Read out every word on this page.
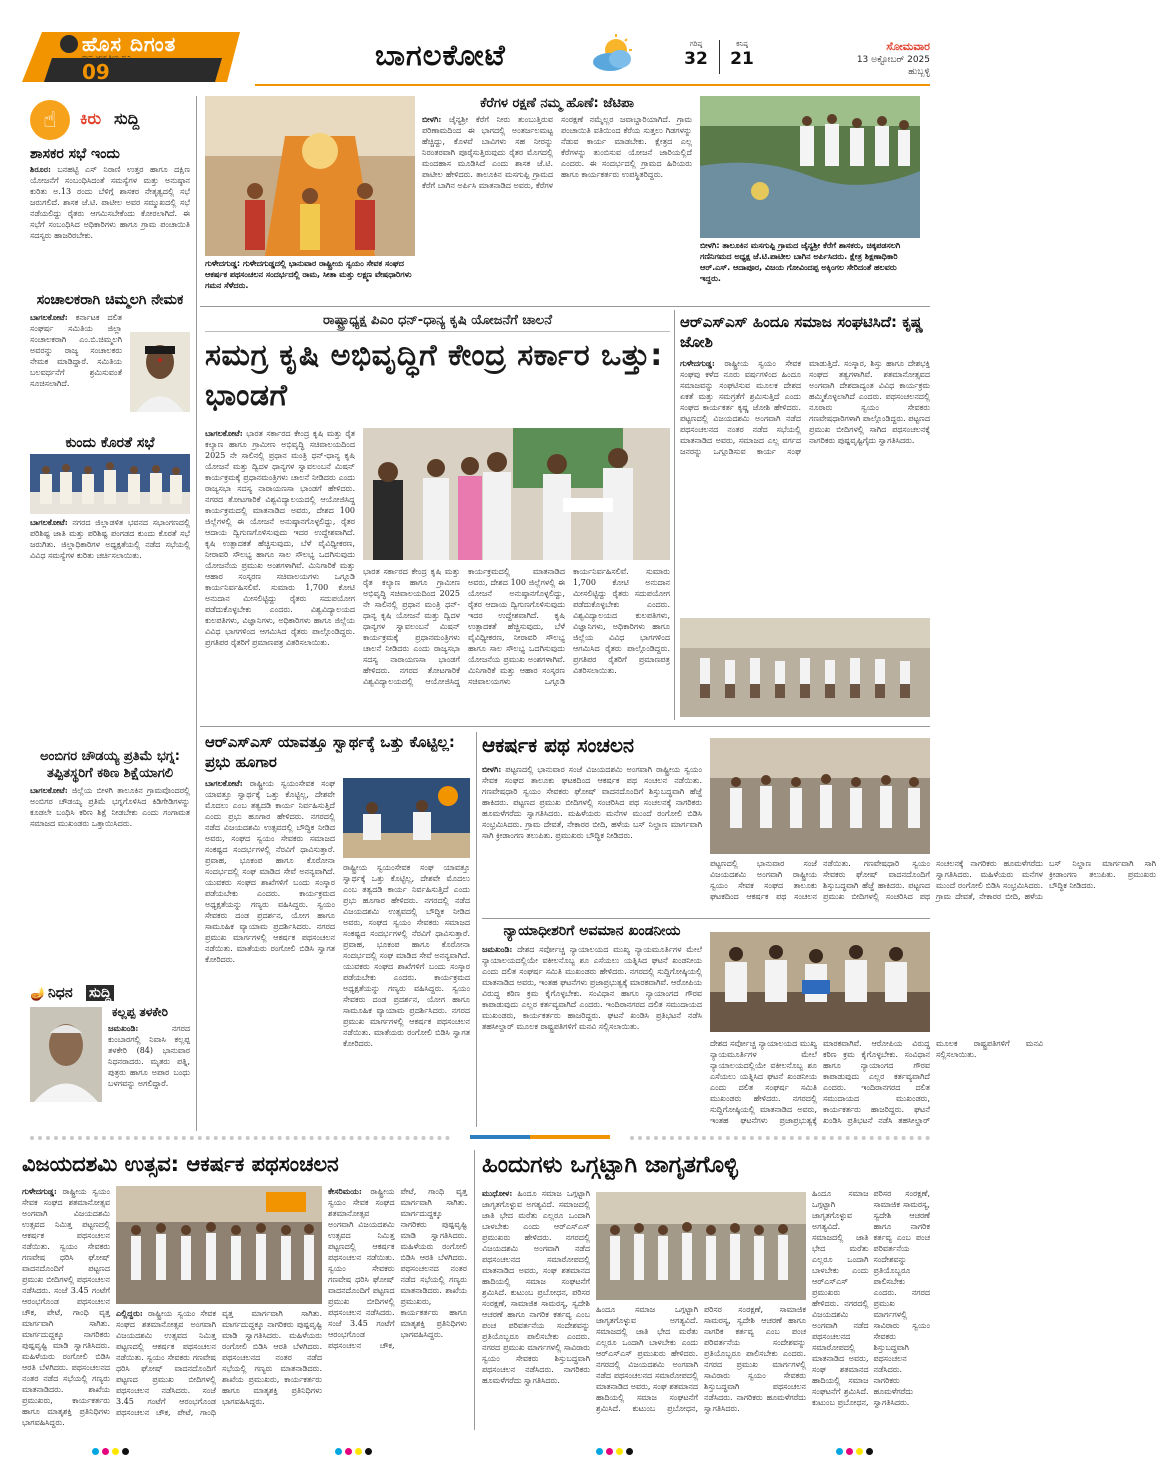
ಹೊಸ ದಿಗಂತ
ರಾಷ್ಟ್ರ ಜಾಗೃತಿಯ ಧ್ವನಿ
09	ಬಾಗಲಕೋಟೆ	ಗರಿಷ್ಠ
32
ಕನಿಷ್ಠ
21
ಸೋಮವಾರ
13 ಅಕ್ಟೋಬರ್ 2025
ಹುಬ್ಬಳ್ಳಿ
☝	ಕಿರು ಸುದ್ದಿ
ಶಾಸಕರ ಸಭೆ ಇಂದು
ಶಿರೂರ: ಬನಹಟ್ಟಿ ಎಸ್ ನಿರಾಣಿ ಉತ್ತರ ಹಾಗೂ ದಕ್ಷಿಣ ಯೋಜನೆಗೆ ಸಂಬಂಧಿಸಿದಂತೆ ಸಮಸ್ಯೆಗಳ ಮತ್ತು ಅನುಷ್ಠಾನ ಕುರಿತು ಅ.13 ರಂದು ಬೆಳಿಗ್ಗೆ ಶಾಸಕರ ನೇತೃತ್ವದಲ್ಲಿ ಸಭೆ ಜರುಗಲಿದೆ. ಶಾಸಕ ಜೆ.ಟಿ. ಪಾಟೀಲ ಅವರ ಸಮ್ಮುಖದಲ್ಲಿ ಸಭೆ ನಡೆಯಲಿದ್ದು ರೈತರು ಆಗಮಿಸಬೇಕೆಂದು ಕೋರಲಾಗಿದೆ. ಈ ಸಭೆಗೆ ಸಂಬಂಧಿಸಿದ ಅಧಿಕಾರಿಗಳು ಹಾಗೂ ಗ್ರಾಮ ಪಂಚಾಯಿತಿ ಸದಸ್ಯರು ಹಾಜರಿರಬೇಕು.
ಸಂಚಾಲಕರಾಗಿ ಚಿಮ್ಮಲಗಿ ನೇಮಕ
ಬಾಗಲಕೋಟೆ: ಕರ್ನಾಟಕ ದಲಿತ ಸಂಘರ್ಷ ಸಮಿತಿಯ ಜಿಲ್ಲಾ ಸಂಚಾಲಕರಾಗಿ ಎಂ.ಬಿ.ಚಿಮ್ಮಲಗಿ ಅವರನ್ನು ರಾಜ್ಯ ಸಂಚಾಲಕರು ನೇಮಕ ಮಾಡಿದ್ದಾರೆ. ಸಮಿತಿಯ ಬಲವರ್ಧನೆಗೆ ಶ್ರಮಿಸುವಂತೆ ಸೂಚಿಸಲಾಗಿದೆ.
ಕುಂದು ಕೊರತೆ ಸಭೆ
ಬಾಗಲಕೋಟೆ: ನಗರದ ಜಿಲ್ಲಾಡಳಿತ ಭವನದ ಸಭಾಂಗಣದಲ್ಲಿ ಪರಿಶಿಷ್ಟ ಜಾತಿ ಮತ್ತು ಪರಿಶಿಷ್ಟ ಪಂಗಡದ ಕುಂದು ಕೊರತೆ ಸಭೆ ಜರುಗಿತು. ಜಿಲ್ಲಾಧಿಕಾರಿಗಳ ಅಧ್ಯಕ್ಷತೆಯಲ್ಲಿ ನಡೆದ ಸಭೆಯಲ್ಲಿ ವಿವಿಧ ಸಮಸ್ಯೆಗಳ ಕುರಿತು ಚರ್ಚಿಸಲಾಯಿತು.
ಅಂಬಿಗರ ಚೌಡಯ್ಯ ಪ್ರತಿಮೆ ಭಗ್ನ: ತಪ್ಪಿತಸ್ಥರಿಗೆ ಕಠಿಣ ಶಿಕ್ಷೆಯಾಗಲಿ
ಬಾಗಲಕೋಟೆ: ಜಿಲ್ಲೆಯ ಬೀಳಗಿ ತಾಲೂಕಿನ ಗ್ರಾಮವೊಂದರಲ್ಲಿ ಅಂಬಿಗರ ಚೌಡಯ್ಯ ಪ್ರತಿಮೆ ಭಗ್ನಗೊಳಿಸಿದ ಕಿಡಿಗೇಡಿಗಳನ್ನು ಕೂಡಲೇ ಬಂಧಿಸಿ ಕಠಿಣ ಶಿಕ್ಷೆ ನೀಡಬೇಕು ಎಂದು ಗಂಗಾಮತ ಸಮಾಜದ ಮುಖಂಡರು ಒತ್ತಾಯಿಸಿದರು.
🪔 ನಿಧನ ಸುದ್ದಿ
ಕಲ್ಲಪ್ಪ ತಳಕೇರಿ
ಜಮಖಂಡಿ:	ನಗರದ ಕುಂಬಾರಗಲ್ಲಿ ನಿವಾಸಿ ಕಲ್ಲಪ್ಪ ತಳಕೇರಿ (84) ಭಾನುವಾರ ನಿಧನರಾದರು. ಮೃತರು ಪತ್ನಿ, ಪುತ್ರರು ಹಾಗೂ ಅಪಾರ ಬಂಧು ಬಳಗವನ್ನು ಅಗಲಿದ್ದಾರೆ.
ಗುಳೇದಗುಡ್ಡ: ಗುಳೇದಗುಡ್ಡದಲ್ಲಿ ಭಾನುವಾರ ರಾಷ್ಟ್ರೀಯ ಸ್ವಯಂ ಸೇವಕ ಸಂಘದ ಆಕರ್ಷಕ ಪಥಸಂಚಲನ ಸಂದರ್ಭದಲ್ಲಿ ರಾಮ, ಸೀತಾ ಮತ್ತು ಲಕ್ಷ್ಮಣ ವೇಷಧಾರಿಗಳು ಗಮನ ಸೆಳೆದರು.
ಕೆರೆಗಳ ರಕ್ಷಣೆ ನಮ್ಮ ಹೊಣೆ: ಜೆಟಿಪಾ
ಬೀಳಗಿ: ಜೈನ್ಯಶ್ರೀ ಕೆರೆಗೆ ನೀರು ತುಂಬುತ್ತಿರುವ ಪರಿಣಾಮದಿಂದ ಈ ಭಾಗದಲ್ಲಿ ಅಂತರ್ಜಲಮಟ್ಟ ಹೆಚ್ಚಿದ್ದು, ಕೊಳವೆ ಬಾವಿಗಳು ಸಹ ನೀರನ್ನು ನಿರಂತರವಾಗಿ ಪೂರೈಸುತ್ತಿರುವುದು ರೈತರ ಮೊಗದಲ್ಲಿ ಮಂದಹಾಸ ಮೂಡಿಸಿದೆ ಎಂದು ಶಾಸಕ ಜೆ.ಟಿ. ಪಾಟೀಲ ಹೇಳಿದರು. ತಾಲೂಕಿನ ಮಸಗುಪ್ಪಿ ಗ್ರಾಮದ ಕೆರೆಗೆ ಬಾಗಿನ ಅರ್ಪಿಸಿ ಮಾತನಾಡಿದ ಅವರು, ಕೆರೆಗಳ ಸಂರಕ್ಷಣೆ ನಮ್ಮೆಲ್ಲರ ಜವಾಬ್ದಾರಿಯಾಗಿದೆ. ಗ್ರಾಮ ಪಂಚಾಯಿತಿ ವತಿಯಿಂದ ಕೆರೆಯ ಸುತ್ತಲು ಗಿಡಗಳನ್ನು ನೆಡುವ ಕಾರ್ಯ ಮಾಡಬೇಕು. ಕ್ಷೇತ್ರದ ಎಲ್ಲ ಕೆರೆಗಳನ್ನು ತುಂಬಿಸುವ ಯೋಜನೆ ಜಾರಿಯಲ್ಲಿದೆ ಎಂದರು. ಈ ಸಂದರ್ಭದಲ್ಲಿ ಗ್ರಾಮದ ಹಿರಿಯರು ಹಾಗೂ ಕಾರ್ಯಕರ್ತರು ಉಪಸ್ಥಿತರಿದ್ದರು.
ಬೀಳಗಿ: ತಾಲೂಕಿನ ಮಸಗುಪ್ಪಿ ಗ್ರಾಮದ ಜೈನ್ಯಶ್ರೀ ಕೆರೆಗೆ ಶಾಸಕರು, ಚಿಕ್ಕಪಡಸಲಗಿ ಗಣಿನಿಗಮದ ಅಧ್ಯಕ್ಷ ಜೆ.ಟಿ.ಪಾಟೀಲ ಬಾಗಿನ ಅರ್ಪಿಸಿದರು. ಕ್ಷೇತ್ರ ಶಿಕ್ಷಣಾಧಿಕಾರಿ ಆರ್.ಎಸ್. ಆದಾಪೂರ, ವಿಜಯ ಗೋವಿಂದಪ್ಪ ಅಕ್ಕಿಂಗಲ ಸೇರಿದಂತೆ ಹಲವರು ಇದ್ದರು.
ರಾಷ್ಟ್ರಾಧ್ಯಕ್ಷ ಪಿಎಂ ಧನ್-ಧಾನ್ಯ ಕೃಷಿ ಯೋಜನೆಗೆ ಚಾಲನೆ
ಸಮಗ್ರ ಕೃಷಿ ಅಭಿವೃದ್ಧಿಗೆ ಕೇಂದ್ರ ಸರ್ಕಾರ ಒತ್ತು: ಭಾಂಡಗೆ
ಬಾಗಲಕೋಟೆ: ಭಾರತ ಸರ್ಕಾರದ ಕೇಂದ್ರ ಕೃಷಿ ಮತ್ತು ರೈತ ಕಲ್ಯಾಣ ಹಾಗೂ ಗ್ರಾಮೀಣ ಅಭಿವೃದ್ಧಿ ಸಚಿವಾಲಯದಿಂದ 2025 ನೇ ಸಾಲಿನಲ್ಲಿ ಪ್ರಧಾನ ಮಂತ್ರಿ ಧನ್-ಧಾನ್ಯ ಕೃಷಿ ಯೋಜನೆ ಮತ್ತು ದ್ವಿದಳ ಧಾನ್ಯಗಳ ಸ್ವಾವಲಂಬನೆ ಮಿಷನ್ ಕಾರ್ಯಕ್ರಮಕ್ಕೆ ಪ್ರಧಾನಮಂತ್ರಿಗಳು ಚಾಲನೆ ನೀಡಿದರು ಎಂದು ರಾಜ್ಯಸಭಾ ಸದಸ್ಯ ನಾರಾಯಣಸಾ ಭಾಂಡಗೆ ಹೇಳಿದರು. ನಗರದ ತೋಟಗಾರಿಕೆ ವಿಶ್ವವಿದ್ಯಾಲಯದಲ್ಲಿ ಆಯೋಜಿಸಿದ್ದ ಕಾರ್ಯಕ್ರಮದಲ್ಲಿ ಮಾತನಾಡಿದ ಅವರು, ದೇಶದ 100 ಜಿಲ್ಲೆಗಳಲ್ಲಿ ಈ ಯೋಜನೆ ಅನುಷ್ಠಾನಗೊಳ್ಳಲಿದ್ದು, ರೈತರ ಆದಾಯ ದ್ವಿಗುಣಗೊಳಿಸುವುದು ಇದರ ಉದ್ದೇಶವಾಗಿದೆ. ಕೃಷಿ ಉತ್ಪಾದಕತೆ ಹೆಚ್ಚಿಸುವುದು, ಬೆಳೆ ವೈವಿಧ್ಯೀಕರಣ, ನೀರಾವರಿ ಸೌಲಭ್ಯ ಹಾಗೂ ಸಾಲ ಸೌಲಭ್ಯ ಒದಗಿಸುವುದು ಯೋಜನೆಯ ಪ್ರಮುಖ ಅಂಶಗಳಾಗಿವೆ. ಮಿನಿಗಾರಿಕೆ ಮತ್ತು ಆಹಾರ ಸಂಸ್ಕರಣ ಸಚಿವಾಲಯಗಳು ಒಗ್ಗೂಡಿ ಕಾರ್ಯನಿರ್ವಹಿಸಲಿವೆ. ಸುಮಾರು 1,700 ಕೋಟಿ ಅನುದಾನ ಮೀಸಲಿಟ್ಟಿದ್ದು ರೈತರು ಸದುಪಯೋಗ ಪಡೆದುಕೊಳ್ಳಬೇಕು ಎಂದರು. ವಿಶ್ವವಿದ್ಯಾಲಯದ ಕುಲಪತಿಗಳು, ವಿಜ್ಞಾನಿಗಳು, ಅಧಿಕಾರಿಗಳು ಹಾಗೂ ಜಿಲ್ಲೆಯ ವಿವಿಧ ಭಾಗಗಳಿಂದ ಆಗಮಿಸಿದ ರೈತರು ಪಾಲ್ಗೊಂಡಿದ್ದರು. ಪ್ರಗತಿಪರ ರೈತರಿಗೆ ಪ್ರಮಾಣಪತ್ರ ವಿತರಿಸಲಾಯಿತು.
ಭಾರತ ಸರ್ಕಾರದ ಕೇಂದ್ರ ಕೃಷಿ ಮತ್ತು ರೈತ ಕಲ್ಯಾಣ ಹಾಗೂ ಗ್ರಾಮೀಣ ಅಭಿವೃದ್ಧಿ ಸಚಿವಾಲಯದಿಂದ 2025 ನೇ ಸಾಲಿನಲ್ಲಿ ಪ್ರಧಾನ ಮಂತ್ರಿ ಧನ್-ಧಾನ್ಯ ಕೃಷಿ ಯೋಜನೆ ಮತ್ತು ದ್ವಿದಳ ಧಾನ್ಯಗಳ ಸ್ವಾವಲಂಬನೆ ಮಿಷನ್ ಕಾರ್ಯಕ್ರಮಕ್ಕೆ ಪ್ರಧಾನಮಂತ್ರಿಗಳು ಚಾಲನೆ ನೀಡಿದರು ಎಂದು ರಾಜ್ಯಸಭಾ ಸದಸ್ಯ ನಾರಾಯಣಸಾ ಭಾಂಡಗೆ ಹೇಳಿದರು. ನಗರದ ತೋಟಗಾರಿಕೆ ವಿಶ್ವವಿದ್ಯಾಲಯದಲ್ಲಿ ಆಯೋಜಿಸಿದ್ದ ಕಾರ್ಯಕ್ರಮದಲ್ಲಿ ಮಾತನಾಡಿದ ಅವರು, ದೇಶದ 100 ಜಿಲ್ಲೆಗಳಲ್ಲಿ ಈ ಯೋಜನೆ ಅನುಷ್ಠಾನಗೊಳ್ಳಲಿದ್ದು, ರೈತರ ಆದಾಯ ದ್ವಿಗುಣಗೊಳಿಸುವುದು ಇದರ ಉದ್ದೇಶವಾಗಿದೆ. ಕೃಷಿ ಉತ್ಪಾದಕತೆ ಹೆಚ್ಚಿಸುವುದು, ಬೆಳೆ ವೈವಿಧ್ಯೀಕರಣ, ನೀರಾವರಿ ಸೌಲಭ್ಯ ಹಾಗೂ ಸಾಲ ಸೌಲಭ್ಯ ಒದಗಿಸುವುದು ಯೋಜನೆಯ ಪ್ರಮುಖ ಅಂಶಗಳಾಗಿವೆ. ಮಿನಿಗಾರಿಕೆ ಮತ್ತು ಆಹಾರ ಸಂಸ್ಕರಣ ಸಚಿವಾಲಯಗಳು ಒಗ್ಗೂಡಿ ಕಾರ್ಯನಿರ್ವಹಿಸಲಿವೆ. ಸುಮಾರು 1,700 ಕೋಟಿ ಅನುದಾನ ಮೀಸಲಿಟ್ಟಿದ್ದು ರೈತರು ಸದುಪಯೋಗ ಪಡೆದುಕೊಳ್ಳಬೇಕು ಎಂದರು. ವಿಶ್ವವಿದ್ಯಾಲಯದ ಕುಲಪತಿಗಳು, ವಿಜ್ಞಾನಿಗಳು, ಅಧಿಕಾರಿಗಳು ಹಾಗೂ ಜಿಲ್ಲೆಯ ವಿವಿಧ ಭಾಗಗಳಿಂದ ಆಗಮಿಸಿದ ರೈತರು ಪಾಲ್ಗೊಂಡಿದ್ದರು. ಪ್ರಗತಿಪರ ರೈತರಿಗೆ ಪ್ರಮಾಣಪತ್ರ ವಿತರಿಸಲಾಯಿತು.
ಆರ್‌ಎಸ್‌ಎಸ್ ಹಿಂದೂ ಸಮಾಜ ಸಂಘಟಿಸಿದೆ: ಕೃಷ್ಣ ಜೋಶಿ
ಗುಳೇದಗುಡ್ಡ: ರಾಷ್ಟ್ರೀಯ ಸ್ವಯಂ ಸೇವಕ ಸಂಘವು ಕಳೆದ ನೂರು ವರ್ಷಗಳಿಂದ ಹಿಂದೂ ಸಮಾಜವನ್ನು ಸಂಘಟಿಸುವ ಮೂಲಕ ದೇಶದ ಏಕತೆ ಮತ್ತು ಸಮಗ್ರತೆಗೆ ಶ್ರಮಿಸುತ್ತಿದೆ ಎಂದು ಸಂಘದ ಕಾರ್ಯಕರ್ತ ಕೃಷ್ಣ ಜೋಶಿ ಹೇಳಿದರು. ಪಟ್ಟಣದಲ್ಲಿ ವಿಜಯದಶಮಿ ಅಂಗವಾಗಿ ನಡೆದ ಪಥಸಂಚಲನದ ನಂತರ ನಡೆದ ಸಭೆಯಲ್ಲಿ ಮಾತನಾಡಿದ ಅವರು, ಸಮಾಜದ ಎಲ್ಲ ವರ್ಗದ ಜನರನ್ನು ಒಗ್ಗೂಡಿಸುವ ಕಾರ್ಯ ಸಂಘ ಮಾಡುತ್ತಿದೆ. ಸಂಸ್ಕಾರ, ಶಿಸ್ತು ಹಾಗೂ ದೇಶಭಕ್ತಿ ಸಂಘದ ತತ್ವಗಳಾಗಿವೆ. ಶತಮಾನೋತ್ಸವದ ಅಂಗವಾಗಿ ದೇಶದಾದ್ಯಂತ ವಿವಿಧ ಕಾರ್ಯಕ್ರಮ ಹಮ್ಮಿಕೊಳ್ಳಲಾಗಿದೆ ಎಂದರು. ಪಥಸಂಚಲನದಲ್ಲಿ ನೂರಾರು ಸ್ವಯಂ ಸೇವಕರು ಗಣವೇಷಧಾರಿಗಳಾಗಿ ಪಾಲ್ಗೊಂಡಿದ್ದರು. ಪಟ್ಟಣದ ಪ್ರಮುಖ ಬೀದಿಗಳಲ್ಲಿ ಸಾಗಿದ ಪಥಸಂಚಲನಕ್ಕೆ ನಾಗರಿಕರು ಪುಷ್ಪವೃಷ್ಟಿಗೈದು ಸ್ವಾಗತಿಸಿದರು.
ಆರ್‌ಎಸ್‌ಎಸ್ ಯಾವತ್ತೂ ಸ್ವಾರ್ಥಕ್ಕೆ ಒತ್ತು ಕೊಟ್ಟಿಲ್ಲ: ಪ್ರಭು ಹೂಗಾರ
ಬಾಗಲಕೋಟೆ: ರಾಷ್ಟ್ರೀಯ ಸ್ವಯಂಸೇವಕ ಸಂಘ ಯಾವತ್ತೂ ಸ್ವಾರ್ಥಕ್ಕೆ ಒತ್ತು ಕೊಟ್ಟಿಲ್ಲ, ದೇಶವೇ ಮೊದಲು ಎಂಬ ತತ್ವದಡಿ ಕಾರ್ಯ ನಿರ್ವಹಿಸುತ್ತಿದೆ ಎಂದು ಪ್ರಭು ಹೂಗಾರ ಹೇಳಿದರು. ನಗರದಲ್ಲಿ ನಡೆದ ವಿಜಯದಶಮಿ ಉತ್ಸವದಲ್ಲಿ ಬೌದ್ಧಿಕ ನೀಡಿದ ಅವರು, ಸಂಘದ ಸ್ವಯಂ ಸೇವಕರು ಸಮಾಜದ ಸಂಕಷ್ಟದ ಸಂದರ್ಭಗಳಲ್ಲಿ ನೆರವಿಗೆ ಧಾವಿಸುತ್ತಾರೆ. ಪ್ರವಾಹ, ಭೂಕಂಪ ಹಾಗೂ ಕೊರೋನಾ ಸಂದರ್ಭದಲ್ಲಿ ಸಂಘ ಮಾಡಿದ ಸೇವೆ ಅನನ್ಯವಾಗಿದೆ. ಯುವಕರು ಸಂಘದ ಶಾಖೆಗಳಿಗೆ ಬಂದು ಸಂಸ್ಕಾರ ಪಡೆಯಬೇಕು ಎಂದರು. ಕಾರ್ಯಕ್ರಮದ ಅಧ್ಯಕ್ಷತೆಯನ್ನು ಗಣ್ಯರು ವಹಿಸಿದ್ದರು. ಸ್ವಯಂ ಸೇವಕರು ದಂಡ ಪ್ರದರ್ಶನ, ಯೋಗ ಹಾಗೂ ಸಾಮೂಹಿಕ ವ್ಯಾಯಾಮ ಪ್ರದರ್ಶಿಸಿದರು. ನಗರದ ಪ್ರಮುಖ ಮಾರ್ಗಗಳಲ್ಲಿ ಆಕರ್ಷಕ ಪಥಸಂಚಲನ ನಡೆಯಿತು. ಮಾತೆಯರು ರಂಗೋಲಿ ಬಿಡಿಸಿ ಸ್ವಾಗತ ಕೋರಿದರು.
ರಾಷ್ಟ್ರೀಯ ಸ್ವಯಂಸೇವಕ ಸಂಘ ಯಾವತ್ತೂ ಸ್ವಾರ್ಥಕ್ಕೆ ಒತ್ತು ಕೊಟ್ಟಿಲ್ಲ, ದೇಶವೇ ಮೊದಲು ಎಂಬ ತತ್ವದಡಿ ಕಾರ್ಯ ನಿರ್ವಹಿಸುತ್ತಿದೆ ಎಂದು ಪ್ರಭು ಹೂಗಾರ ಹೇಳಿದರು. ನಗರದಲ್ಲಿ ನಡೆದ ವಿಜಯದಶಮಿ ಉತ್ಸವದಲ್ಲಿ ಬೌದ್ಧಿಕ ನೀಡಿದ ಅವರು, ಸಂಘದ ಸ್ವಯಂ ಸೇವಕರು ಸಮಾಜದ ಸಂಕಷ್ಟದ ಸಂದರ್ಭಗಳಲ್ಲಿ ನೆರವಿಗೆ ಧಾವಿಸುತ್ತಾರೆ. ಪ್ರವಾಹ, ಭೂಕಂಪ ಹಾಗೂ ಕೊರೋನಾ ಸಂದರ್ಭದಲ್ಲಿ ಸಂಘ ಮಾಡಿದ ಸೇವೆ ಅನನ್ಯವಾಗಿದೆ. ಯುವಕರು ಸಂಘದ ಶಾಖೆಗಳಿಗೆ ಬಂದು ಸಂಸ್ಕಾರ ಪಡೆಯಬೇಕು ಎಂದರು. ಕಾರ್ಯಕ್ರಮದ ಅಧ್ಯಕ್ಷತೆಯನ್ನು ಗಣ್ಯರು ವಹಿಸಿದ್ದರು. ಸ್ವಯಂ ಸೇವಕರು ದಂಡ ಪ್ರದರ್ಶನ, ಯೋಗ ಹಾಗೂ ಸಾಮೂಹಿಕ ವ್ಯಾಯಾಮ ಪ್ರದರ್ಶಿಸಿದರು. ನಗರದ ಪ್ರಮುಖ ಮಾರ್ಗಗಳಲ್ಲಿ ಆಕರ್ಷಕ ಪಥಸಂಚಲನ ನಡೆಯಿತು. ಮಾತೆಯರು ರಂಗೋಲಿ ಬಿಡಿಸಿ ಸ್ವಾಗತ ಕೋರಿದರು.
ಆಕರ್ಷಕ ಪಥ ಸಂಚಲನ
ಬೀಳಗಿ: ಪಟ್ಟಣದಲ್ಲಿ ಭಾನುವಾರ ಸಂಜೆ ವಿಜಯದಶಮಿ ಅಂಗವಾಗಿ ರಾಷ್ಟ್ರೀಯ ಸ್ವಯಂ ಸೇವಕ ಸಂಘದ ತಾಲೂಕು ಘಟಕದಿಂದ ಆಕರ್ಷಕ ಪಥ ಸಂಚಲನ ನಡೆಯಿತು. ಗಣವೇಷಧಾರಿ ಸ್ವಯಂ ಸೇವಕರು ಘೋಷ್ ವಾದನದೊಂದಿಗೆ ಶಿಸ್ತುಬದ್ಧವಾಗಿ ಹೆಜ್ಜೆ ಹಾಕಿದರು. ಪಟ್ಟಣದ ಪ್ರಮುಖ ಬೀದಿಗಳಲ್ಲಿ ಸಂಚರಿಸಿದ ಪಥ ಸಂಚಲನಕ್ಕೆ ನಾಗರಿಕರು ಹೂಮಳೆಗರೆದು ಸ್ವಾಗತಿಸಿದರು. ಮಹಿಳೆಯರು ಮನೆಗಳ ಮುಂದೆ ರಂಗೋಲಿ ಬಿಡಿಸಿ ಸಂಭ್ರಮಿಸಿದರು. ಗ್ರಾಮ ದೇವತೆ, ನೇಕಾರರ ಬೀದಿ, ಹಳೆಯ ಬಸ್ ನಿಲ್ದಾಣ ಮಾರ್ಗವಾಗಿ ಸಾಗಿ ಕ್ರೀಡಾಂಗಣ ತಲುಪಿತು. ಪ್ರಮುಖರು ಬೌದ್ಧಿಕ ನೀಡಿದರು.
ಪಟ್ಟಣದಲ್ಲಿ ಭಾನುವಾರ ಸಂಜೆ ವಿಜಯದಶಮಿ ಅಂಗವಾಗಿ ರಾಷ್ಟ್ರೀಯ ಸ್ವಯಂ ಸೇವಕ ಸಂಘದ ತಾಲೂಕು ಘಟಕದಿಂದ ಆಕರ್ಷಕ ಪಥ ಸಂಚಲನ ನಡೆಯಿತು. ಗಣವೇಷಧಾರಿ ಸ್ವಯಂ ಸೇವಕರು ಘೋಷ್ ವಾದನದೊಂದಿಗೆ ಶಿಸ್ತುಬದ್ಧವಾಗಿ ಹೆಜ್ಜೆ ಹಾಕಿದರು. ಪಟ್ಟಣದ ಪ್ರಮುಖ ಬೀದಿಗಳಲ್ಲಿ ಸಂಚರಿಸಿದ ಪಥ ಸಂಚಲನಕ್ಕೆ ನಾಗರಿಕರು ಹೂಮಳೆಗರೆದು ಸ್ವಾಗತಿಸಿದರು. ಮಹಿಳೆಯರು ಮನೆಗಳ ಮುಂದೆ ರಂಗೋಲಿ ಬಿಡಿಸಿ ಸಂಭ್ರಮಿಸಿದರು. ಗ್ರಾಮ ದೇವತೆ, ನೇಕಾರರ ಬೀದಿ, ಹಳೆಯ ಬಸ್ ನಿಲ್ದಾಣ ಮಾರ್ಗವಾಗಿ ಸಾಗಿ ಕ್ರೀಡಾಂಗಣ ತಲುಪಿತು. ಪ್ರಮುಖರು ಬೌದ್ಧಿಕ ನೀಡಿದರು.
ನ್ಯಾಯಾಧೀಶರಿಗೆ ಅವಮಾನ ಖಂಡನೀಯ
ಜಮಖಂಡಿ: ದೇಶದ ಸರ್ವೋಚ್ಚ ನ್ಯಾಯಾಲಯದ ಮುಖ್ಯ ನ್ಯಾಯಮೂರ್ತಿಗಳ ಮೇಲೆ ನ್ಯಾಯಾಲಯದಲ್ಲಿಯೇ ವಕೀಲನೊಬ್ಬ ಶೂ ಎಸೆಯಲು ಯತ್ನಿಸಿದ ಘಟನೆ ಖಂಡನೀಯ ಎಂದು ದಲಿತ ಸಂಘರ್ಷ ಸಮಿತಿ ಮುಖಂಡರು ಹೇಳಿದರು. ನಗರದಲ್ಲಿ ಸುದ್ದಿಗೋಷ್ಠಿಯಲ್ಲಿ ಮಾತನಾಡಿದ ಅವರು, ಇಂತಹ ಘಟನೆಗಳು ಪ್ರಜಾಪ್ರಭುತ್ವಕ್ಕೆ ಮಾರಕವಾಗಿವೆ. ಆರೋಪಿಯ ವಿರುದ್ಧ ಕಠಿಣ ಕ್ರಮ ಕೈಗೊಳ್ಳಬೇಕು. ಸಂವಿಧಾನ ಹಾಗೂ ನ್ಯಾಯಾಂಗದ ಗೌರವ ಕಾಪಾಡುವುದು ಎಲ್ಲರ ಕರ್ತವ್ಯವಾಗಿದೆ ಎಂದರು. ಇಂದಿರಾನಗರದ ದಲಿತ ಸಮುದಾಯದ ಮುಖಂಡರು, ಕಾರ್ಯಕರ್ತರು ಹಾಜರಿದ್ದರು. ಘಟನೆ ಖಂಡಿಸಿ ಪ್ರತಿಭಟನೆ ನಡೆಸಿ ತಹಸೀಲ್ದಾರ್ ಮೂಲಕ ರಾಷ್ಟ್ರಪತಿಗಳಿಗೆ ಮನವಿ ಸಲ್ಲಿಸಲಾಯಿತು.
ದೇಶದ ಸರ್ವೋಚ್ಚ ನ್ಯಾಯಾಲಯದ ಮುಖ್ಯ ನ್ಯಾಯಮೂರ್ತಿಗಳ ಮೇಲೆ ನ್ಯಾಯಾಲಯದಲ್ಲಿಯೇ ವಕೀಲನೊಬ್ಬ ಶೂ ಎಸೆಯಲು ಯತ್ನಿಸಿದ ಘಟನೆ ಖಂಡನೀಯ ಎಂದು ದಲಿತ ಸಂಘರ್ಷ ಸಮಿತಿ ಮುಖಂಡರು ಹೇಳಿದರು. ನಗರದಲ್ಲಿ ಸುದ್ದಿಗೋಷ್ಠಿಯಲ್ಲಿ ಮಾತನಾಡಿದ ಅವರು, ಇಂತಹ ಘಟನೆಗಳು ಪ್ರಜಾಪ್ರಭುತ್ವಕ್ಕೆ ಮಾರಕವಾಗಿವೆ. ಆರೋಪಿಯ ವಿರುದ್ಧ ಕಠಿಣ ಕ್ರಮ ಕೈಗೊಳ್ಳಬೇಕು. ಸಂವಿಧಾನ ಹಾಗೂ ನ್ಯಾಯಾಂಗದ ಗೌರವ ಕಾಪಾಡುವುದು ಎಲ್ಲರ ಕರ್ತವ್ಯವಾಗಿದೆ ಎಂದರು. ಇಂದಿರಾನಗರದ ದಲಿತ ಸಮುದಾಯದ ಮುಖಂಡರು, ಕಾರ್ಯಕರ್ತರು ಹಾಜರಿದ್ದರು. ಘಟನೆ ಖಂಡಿಸಿ ಪ್ರತಿಭಟನೆ ನಡೆಸಿ ತಹಸೀಲ್ದಾರ್ ಮೂಲಕ ರಾಷ್ಟ್ರಪತಿಗಳಿಗೆ ಮನವಿ ಸಲ್ಲಿಸಲಾಯಿತು.
ವಿಜಯದಶಮಿ ಉತ್ಸವ: ಆಕರ್ಷಕ ಪಥಸಂಚಲನ
ಗುಳೇದಗುಡ್ಡ: ರಾಷ್ಟ್ರೀಯ ಸ್ವಯಂ ಸೇವಕ ಸಂಘದ ಶತಮಾನೋತ್ಸವ ಅಂಗವಾಗಿ ವಿಜಯದಶಮಿ ಉತ್ಸವದ ನಿಮಿತ್ತ ಪಟ್ಟಣದಲ್ಲಿ ಆಕರ್ಷಕ ಪಥಸಂಚಲನ ನಡೆಯಿತು. ಸ್ವಯಂ ಸೇವಕರು ಗಣವೇಷ ಧರಿಸಿ ಘೋಷ್ ವಾದನದೊಂದಿಗೆ ಪಟ್ಟಣದ ಪ್ರಮುಖ ಬೀದಿಗಳಲ್ಲಿ ಪಥಸಂಚಲನ ನಡೆಸಿದರು. ಸಂಜೆ 3.45 ಗಂಟೆಗೆ ಆರಂಭಗೊಂಡ ಪಥಸಂಚಲನ ಚೌಕ, ಪೇಟೆ, ಗಾಂಧಿ ವೃತ್ತ ಮಾರ್ಗವಾಗಿ ಸಾಗಿತು. ಮಾರ್ಗದುದ್ದಕ್ಕೂ ನಾಗರಿಕರು ಪುಷ್ಪವೃಷ್ಟಿ ಮಾಡಿ ಸ್ವಾಗತಿಸಿದರು. ಮಹಿಳೆಯರು ರಂಗೋಲಿ ಬಿಡಿಸಿ ಆರತಿ ಬೆಳಗಿದರು. ಪಥಸಂಚಲನದ ನಂತರ ನಡೆದ ಸಭೆಯಲ್ಲಿ ಗಣ್ಯರು ಮಾತನಾಡಿದರು. ಶಾಖೆಯ ಪ್ರಮುಖರು, ಕಾರ್ಯಕರ್ತರು ಹಾಗೂ ಮಾತೃಶಕ್ತಿ ಪ್ರತಿನಿಧಿಗಳು ಭಾಗವಹಿಸಿದ್ದರು.
ಎಲ್ಲಿದ್ದರು: ರಾಷ್ಟ್ರೀಯ ಸ್ವಯಂ ಸೇವಕ ಸಂಘದ ಶತಮಾನೋತ್ಸವ ಅಂಗವಾಗಿ ವಿಜಯದಶಮಿ ಉತ್ಸವದ ನಿಮಿತ್ತ ಪಟ್ಟಣದಲ್ಲಿ ಆಕರ್ಷಕ ಪಥಸಂಚಲನ ನಡೆಯಿತು. ಸ್ವಯಂ ಸೇವಕರು ಗಣವೇಷ ಧರಿಸಿ ಘೋಷ್ ವಾದನದೊಂದಿಗೆ ಪಟ್ಟಣದ ಪ್ರಮುಖ ಬೀದಿಗಳಲ್ಲಿ ಪಥಸಂಚಲನ ನಡೆಸಿದರು. ಸಂಜೆ 3.45 ಗಂಟೆಗೆ ಆರಂಭಗೊಂಡ ಪಥಸಂಚಲನ ಚೌಕ, ಪೇಟೆ, ಗಾಂಧಿ ವೃತ್ತ ಮಾರ್ಗವಾಗಿ ಸಾಗಿತು. ಮಾರ್ಗದುದ್ದಕ್ಕೂ ನಾಗರಿಕರು ಪುಷ್ಪವೃಷ್ಟಿ ಮಾಡಿ ಸ್ವಾಗತಿಸಿದರು. ಮಹಿಳೆಯರು ರಂಗೋಲಿ ಬಿಡಿಸಿ ಆರತಿ ಬೆಳಗಿದರು. ಪಥಸಂಚಲನದ ನಂತರ ನಡೆದ ಸಭೆಯಲ್ಲಿ ಗಣ್ಯರು ಮಾತನಾಡಿದರು. ಶಾಖೆಯ ಪ್ರಮುಖರು, ಕಾರ್ಯಕರ್ತರು ಹಾಗೂ ಮಾತೃಶಕ್ತಿ ಪ್ರತಿನಿಧಿಗಳು ಭಾಗವಹಿಸಿದ್ದರು.
ಕೇಸರಿಮಯ: ರಾಷ್ಟ್ರೀಯ ಸ್ವಯಂ ಸೇವಕ ಸಂಘದ ಶತಮಾನೋತ್ಸವ ಅಂಗವಾಗಿ ವಿಜಯದಶಮಿ ಉತ್ಸವದ ನಿಮಿತ್ತ ಪಟ್ಟಣದಲ್ಲಿ ಆಕರ್ಷಕ ಪಥಸಂಚಲನ ನಡೆಯಿತು. ಸ್ವಯಂ ಸೇವಕರು ಗಣವೇಷ ಧರಿಸಿ ಘೋಷ್ ವಾದನದೊಂದಿಗೆ ಪಟ್ಟಣದ ಪ್ರಮುಖ ಬೀದಿಗಳಲ್ಲಿ ಪಥಸಂಚಲನ ನಡೆಸಿದರು. ಸಂಜೆ 3.45 ಗಂಟೆಗೆ ಆರಂಭಗೊಂಡ ಪಥಸಂಚಲನ ಚೌಕ, ಪೇಟೆ, ಗಾಂಧಿ ವೃತ್ತ ಮಾರ್ಗವಾಗಿ ಸಾಗಿತು. ಮಾರ್ಗದುದ್ದಕ್ಕೂ ನಾಗರಿಕರು ಪುಷ್ಪವೃಷ್ಟಿ ಮಾಡಿ ಸ್ವಾಗತಿಸಿದರು. ಮಹಿಳೆಯರು ರಂಗೋಲಿ ಬಿಡಿಸಿ ಆರತಿ ಬೆಳಗಿದರು. ಪಥಸಂಚಲನದ ನಂತರ ನಡೆದ ಸಭೆಯಲ್ಲಿ ಗಣ್ಯರು ಮಾತನಾಡಿದರು. ಶಾಖೆಯ ಪ್ರಮುಖರು, ಕಾರ್ಯಕರ್ತರು ಹಾಗೂ ಮಾತೃಶಕ್ತಿ ಪ್ರತಿನಿಧಿಗಳು ಭಾಗವಹಿಸಿದ್ದರು.
ಹಿಂದುಗಳು ಒಗ್ಗಟ್ಟಾಗಿ ಜಾಗೃತಗೊಳ್ಳಿ
ಮುಧೋಳ: ಹಿಂದೂ ಸಮಾಜ ಒಗ್ಗಟ್ಟಾಗಿ ಜಾಗೃತಗೊಳ್ಳುವ ಅಗತ್ಯವಿದೆ. ಸಮಾಜದಲ್ಲಿ ಜಾತಿ ಭೇದ ಮರೆತು ಎಲ್ಲರೂ ಒಂದಾಗಿ ಬಾಳಬೇಕು ಎಂದು ಆರ್‌ಎಸ್‌ಎಸ್ ಪ್ರಮುಖರು ಹೇಳಿದರು. ನಗರದಲ್ಲಿ ವಿಜಯದಶಮಿ ಅಂಗವಾಗಿ ನಡೆದ ಪಥಸಂಚಲನದ ಸಮಾರೋಪದಲ್ಲಿ ಮಾತನಾಡಿದ ಅವರು, ಸಂಘ ಶತಮಾನದ ಹಾದಿಯಲ್ಲಿ ಸಮಾಜ ಸಂಘಟನೆಗೆ ಶ್ರಮಿಸಿದೆ. ಕುಟುಂಬ ಪ್ರಬೋಧನ, ಪರಿಸರ ಸಂರಕ್ಷಣೆ, ಸಾಮಾಜಿಕ ಸಾಮರಸ್ಯ, ಸ್ವದೇಶಿ ಆಚರಣೆ ಹಾಗೂ ನಾಗರಿಕ ಕರ್ತವ್ಯ ಎಂಬ ಪಂಚ ಪರಿವರ್ತನೆಯ ಸಂದೇಶವನ್ನು ಪ್ರತಿಯೊಬ್ಬರೂ ಪಾಲಿಸಬೇಕು ಎಂದರು. ನಗರದ ಪ್ರಮುಖ ಮಾರ್ಗಗಳಲ್ಲಿ ಸಾವಿರಾರು ಸ್ವಯಂ ಸೇವಕರು ಶಿಸ್ತುಬದ್ಧವಾಗಿ ಪಥಸಂಚಲನ ನಡೆಸಿದರು. ನಾಗರಿಕರು ಹೂಮಳೆಗರೆದು ಸ್ವಾಗತಿಸಿದರು.
ಹಿಂದೂ ಸಮಾಜ ಒಗ್ಗಟ್ಟಾಗಿ ಜಾಗೃತಗೊಳ್ಳುವ ಅಗತ್ಯವಿದೆ. ಸಮಾಜದಲ್ಲಿ ಜಾತಿ ಭೇದ ಮರೆತು ಎಲ್ಲರೂ ಒಂದಾಗಿ ಬಾಳಬೇಕು ಎಂದು ಆರ್‌ಎಸ್‌ಎಸ್ ಪ್ರಮುಖರು ಹೇಳಿದರು. ನಗರದಲ್ಲಿ ವಿಜಯದಶಮಿ ಅಂಗವಾಗಿ ನಡೆದ ಪಥಸಂಚಲನದ ಸಮಾರೋಪದಲ್ಲಿ ಮಾತನಾಡಿದ ಅವರು, ಸಂಘ ಶತಮಾನದ ಹಾದಿಯಲ್ಲಿ ಸಮಾಜ ಸಂಘಟನೆಗೆ ಶ್ರಮಿಸಿದೆ. ಕುಟುಂಬ ಪ್ರಬೋಧನ, ಪರಿಸರ ಸಂರಕ್ಷಣೆ, ಸಾಮಾಜಿಕ ಸಾಮರಸ್ಯ, ಸ್ವದೇಶಿ ಆಚರಣೆ ಹಾಗೂ ನಾಗರಿಕ ಕರ್ತವ್ಯ ಎಂಬ ಪಂಚ ಪರಿವರ್ತನೆಯ ಸಂದೇಶವನ್ನು ಪ್ರತಿಯೊಬ್ಬರೂ ಪಾಲಿಸಬೇಕು ಎಂದರು. ನಗರದ ಪ್ರಮುಖ ಮಾರ್ಗಗಳಲ್ಲಿ ಸಾವಿರಾರು ಸ್ವಯಂ ಸೇವಕರು ಶಿಸ್ತುಬದ್ಧವಾಗಿ ಪಥಸಂಚಲನ ನಡೆಸಿದರು. ನಾಗರಿಕರು ಹೂಮಳೆಗರೆದು ಸ್ವಾಗತಿಸಿದರು.
ಹಿಂದೂ ಸಮಾಜ ಒಗ್ಗಟ್ಟಾಗಿ ಜಾಗೃತಗೊಳ್ಳುವ ಅಗತ್ಯವಿದೆ. ಸಮಾಜದಲ್ಲಿ ಜಾತಿ ಭೇದ ಮರೆತು ಎಲ್ಲರೂ ಒಂದಾಗಿ ಬಾಳಬೇಕು ಎಂದು ಆರ್‌ಎಸ್‌ಎಸ್ ಪ್ರಮುಖರು ಹೇಳಿದರು. ನಗರದಲ್ಲಿ ವಿಜಯದಶಮಿ ಅಂಗವಾಗಿ ನಡೆದ ಪಥಸಂಚಲನದ ಸಮಾರೋಪದಲ್ಲಿ ಮಾತನಾಡಿದ ಅವರು, ಸಂಘ ಶತಮಾನದ ಹಾದಿಯಲ್ಲಿ ಸಮಾಜ ಸಂಘಟನೆಗೆ ಶ್ರಮಿಸಿದೆ. ಕುಟುಂಬ ಪ್ರಬೋಧನ, ಪರಿಸರ ಸಂರಕ್ಷಣೆ, ಸಾಮಾಜಿಕ ಸಾಮರಸ್ಯ, ಸ್ವದೇಶಿ ಆಚರಣೆ ಹಾಗೂ ನಾಗರಿಕ ಕರ್ತವ್ಯ ಎಂಬ ಪಂಚ ಪರಿವರ್ತನೆಯ ಸಂದೇಶವನ್ನು ಪ್ರತಿಯೊಬ್ಬರೂ ಪಾಲಿಸಬೇಕು ಎಂದರು. ನಗರದ ಪ್ರಮುಖ ಮಾರ್ಗಗಳಲ್ಲಿ ಸಾವಿರಾರು ಸ್ವಯಂ ಸೇವಕರು ಶಿಸ್ತುಬದ್ಧವಾಗಿ ಪಥಸಂಚಲನ ನಡೆಸಿದರು. ನಾಗರಿಕರು ಹೂಮಳೆಗರೆದು ಸ್ವಾಗತಿಸಿದರು.
